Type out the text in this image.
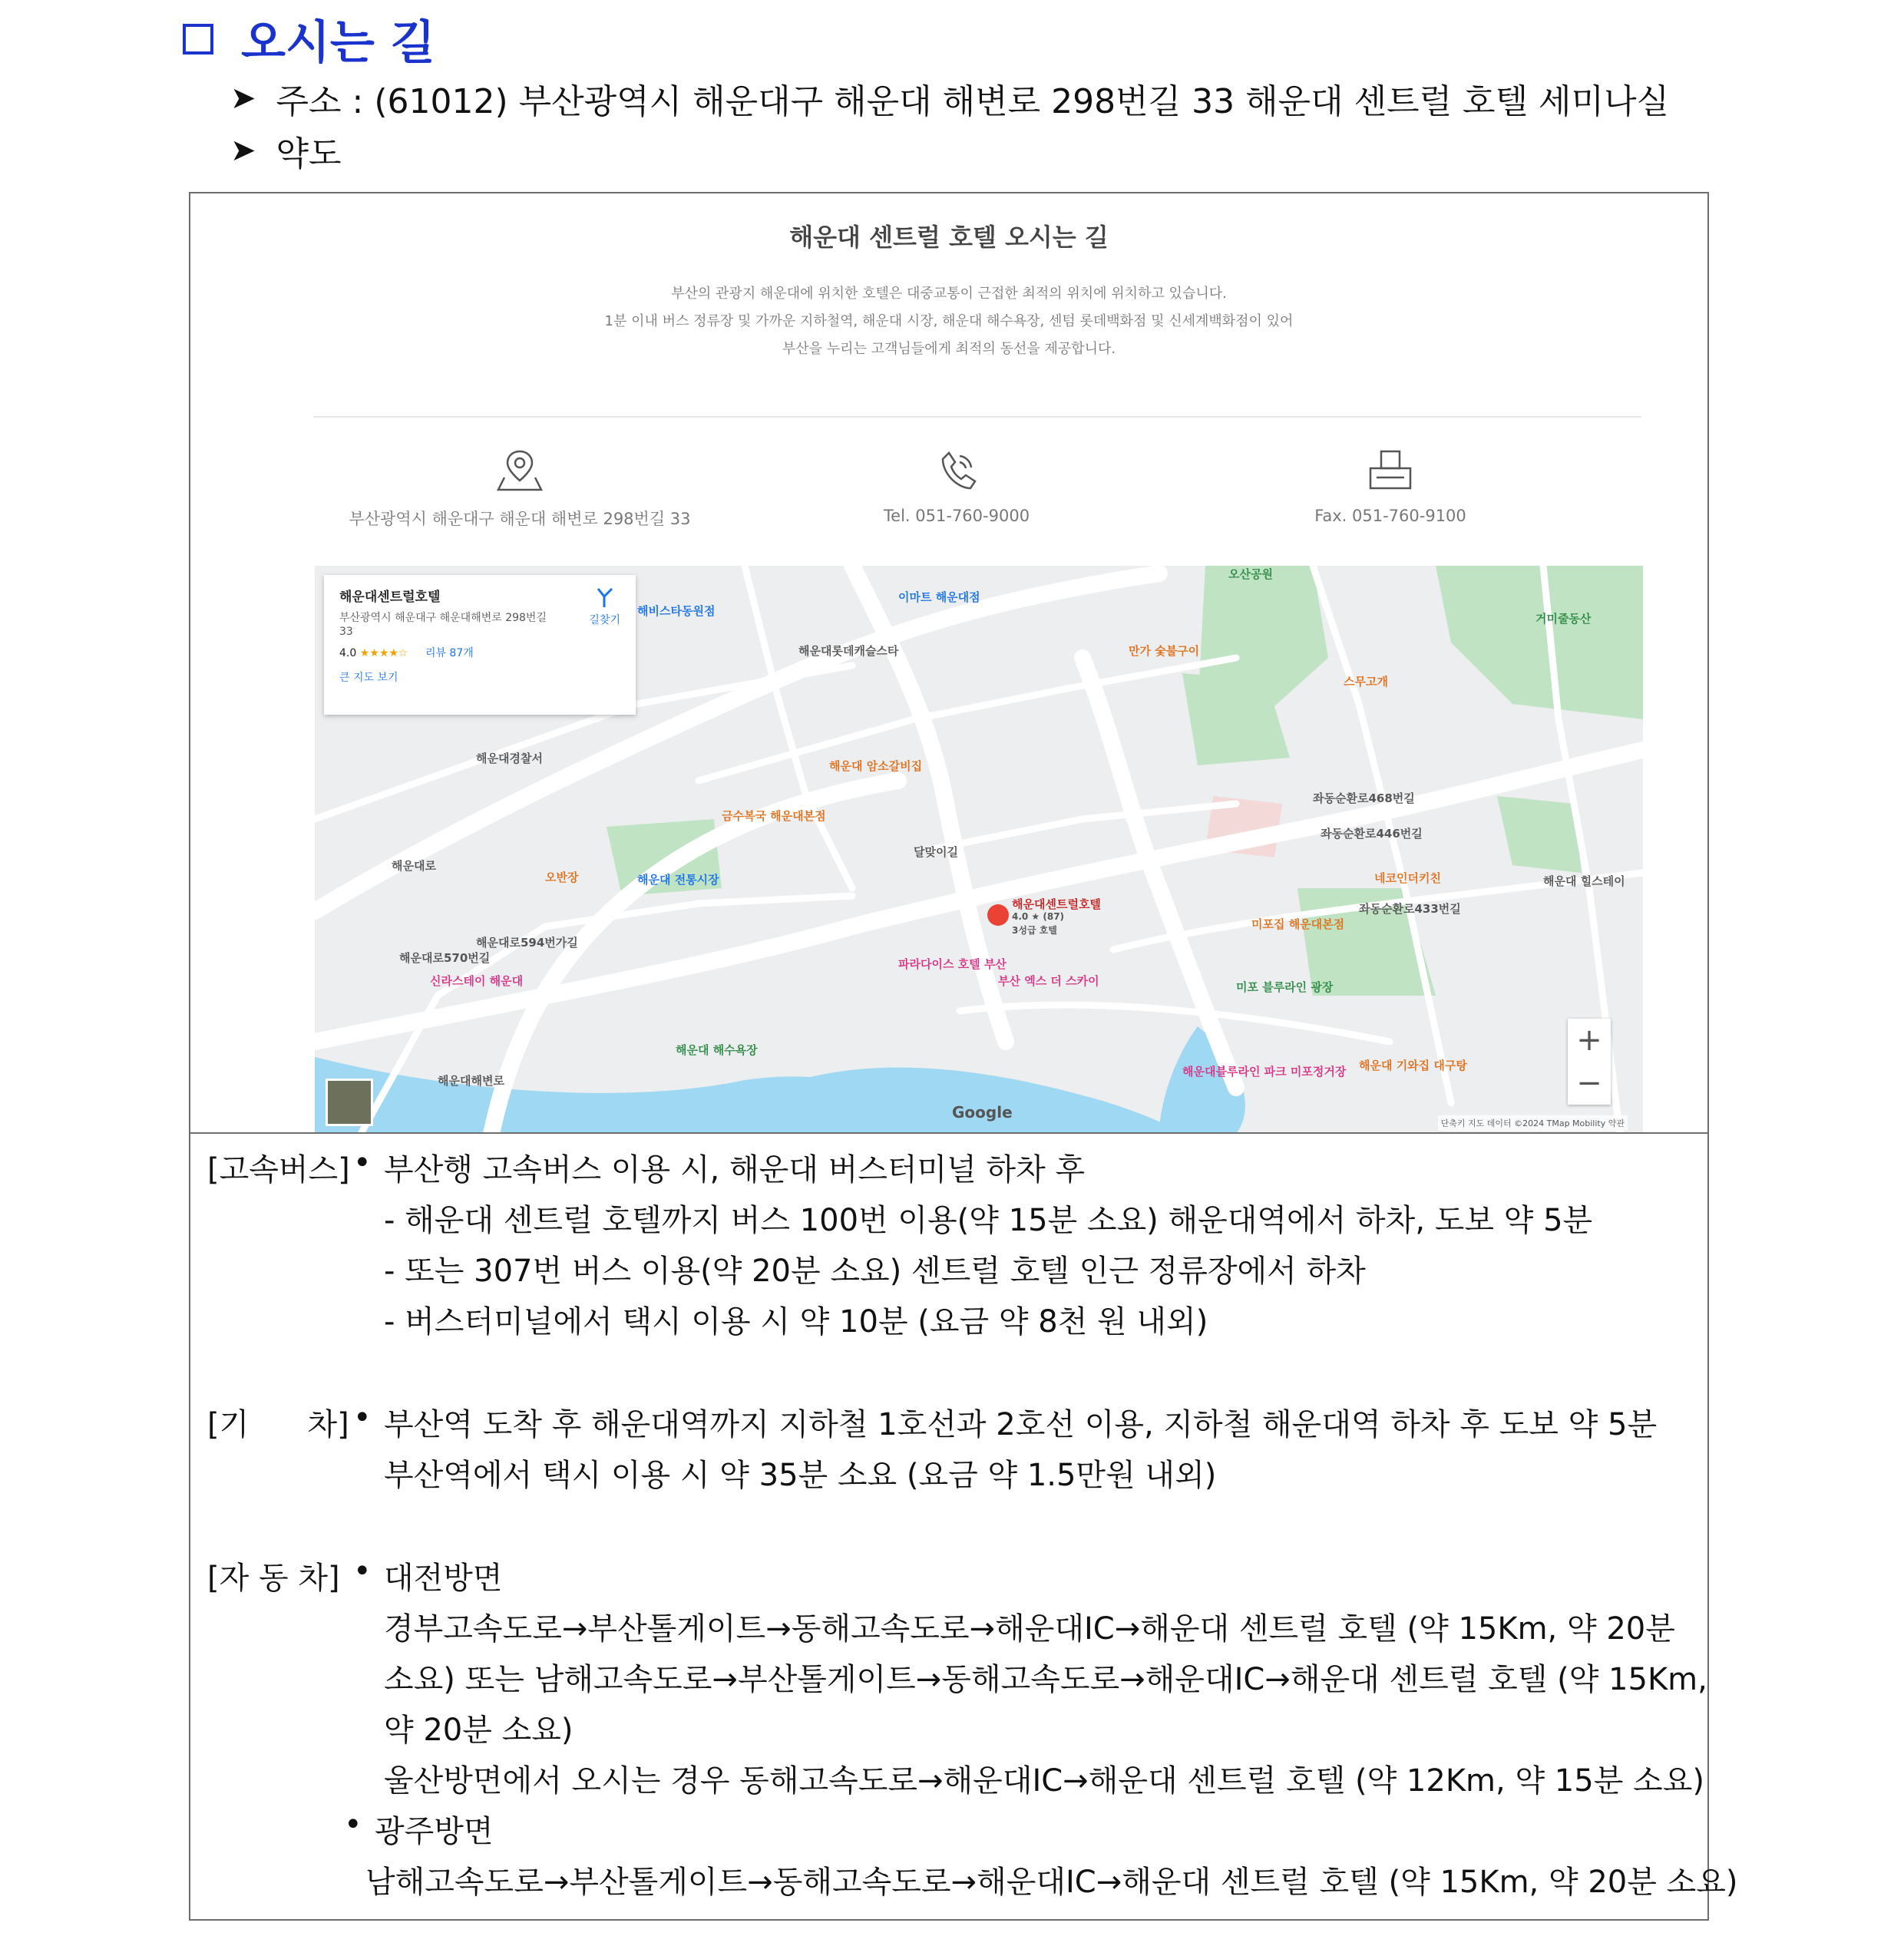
오시는 길
➤ 주소 : (61012) 부산광역시 해운대구 해운대 해변로 298번길 33 해운대 센트럴 호텔 세미나실
➤ 약도
해운대 센트럴 호텔 오시는 길
부산의 관광지 해운대에 위치한 호텔은 대중교통이 근접한 최적의 위치에 위치하고 있습니다.
1분 이내 버스 정류장 및 가까운 지하철역, 해운대 시장, 해운대 해수욕장, 센텀 롯데백화점 및 신세계백화점이 있어
부산을 누리는 고객님들에게 최적의 동선을 제공합니다.
부산광역시 해운대구 해운대 해변로 298번길 33	Tel. 051-760-9000	Fax. 051-760-9100
해운대센트럴호텔
부산광역시 해운대구 해운대해변로 298번길 33
4.0 ★★★★☆ 리뷰 87개
큰 지도 보기
길찾기
해운대센트럴호텔
4.0 ★ (87)
3성급 호텔
이마트 해운대점
오산공원
만가 숯불구이
스무고개
거미줄동산
해운대롯데캐슬스타
해운대경찰서
해운대 암소갈비집
금수복국 해운대본점
오반장	해운대 전통시장
파라다이스 호텔 부산
부산 엑스 더 스카이	미포 블루라인 광장
네코인더키친
미포집 해운대본점
해운대 해수욕장
신라스테이 해운대
해운대 기와집 대구탕
해운대블루라인 파크 미포정거장
달맞이길
좌동순환로468번길
좌동순환로446번길
좌동순환로433번길
해운대로594번가길
해운대로570번길
해운대해변로
해운대로
해운대 힐스테이
해비스타동원점
+
−
Google
단축키 지도 데이터 ©2024 TMap Mobility 약관
[고속버스] • 부산행 고속버스 이용 시, 해운대 버스터미널 하차 후
- 해운대 센트럴 호텔까지 버스 100번 이용(약 15분 소요) 해운대역에서 하차, 도보 약 5분
- 또는 307번 버스 이용(약 20분 소요) 센트럴 호텔 인근 정류장에서 하차
- 버스터미널에서 택시 이용 시 약 10분 (요금 약 8천 원 내외)
[기      차] • 부산역 도착 후 해운대역까지 지하철 1호선과 2호선 이용, 지하철 해운대역 하차 후 도보 약 5분
부산역에서 택시 이용 시 약 35분 소요 (요금 약 1.5만원 내외)
[자 동 차] • 대전방면
경부고속도로→부산톨게이트→동해고속도로→해운대IC→해운대 센트럴 호텔 (약 15Km, 약 20분
소요) 또는 남해고속도로→부산톨게이트→동해고속도로→해운대IC→해운대 센트럴 호텔 (약 15Km,
약 20분 소요)
울산방면에서 오시는 경우 동해고속도로→해운대IC→해운대 센트럴 호텔 (약 12Km, 약 15분 소요)
• 광주방면
남해고속도로→부산톨게이트→동해고속도로→해운대IC→해운대 센트럴 호텔 (약 15Km, 약 20분 소요)
